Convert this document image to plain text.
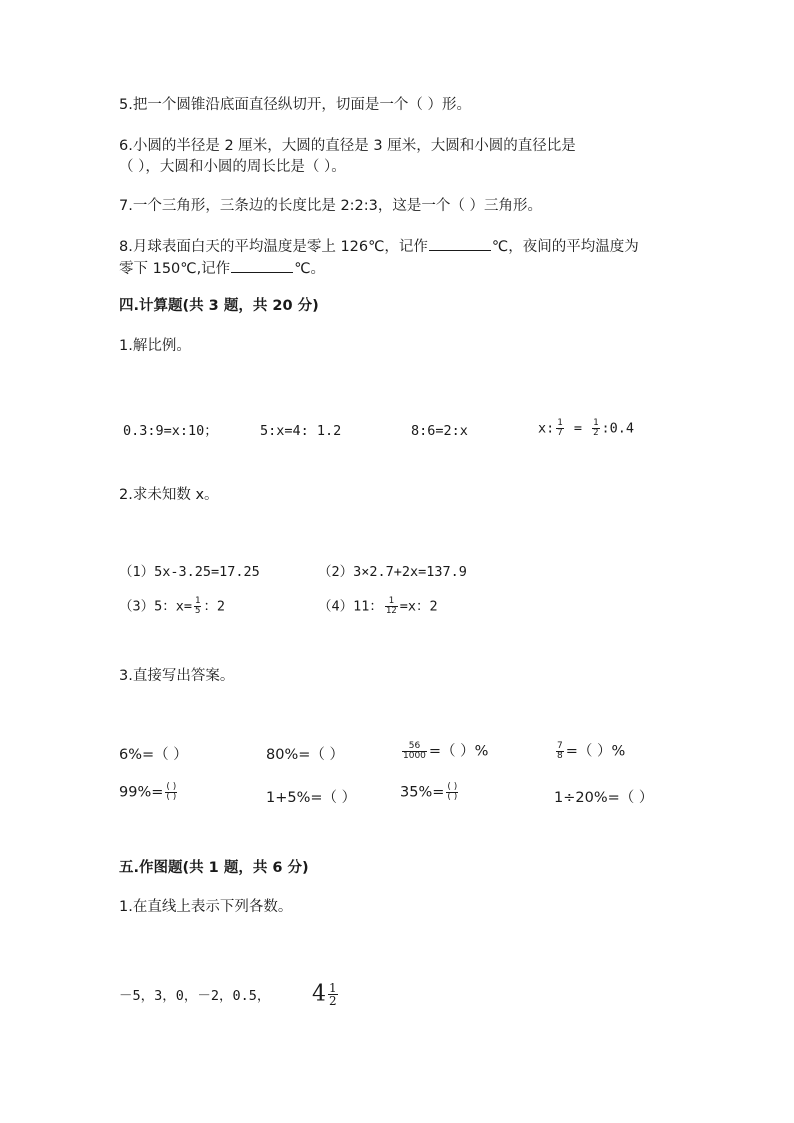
5.把一个圆锥沿底面直径纵切开，切面是一个（ ）形。
6.小圆的半径是 2 厘米，大圆的直径是 3 厘米，大圆和小圆的直径比是
（ ），大圆和小圆的周长比是（ ）。
7.一个三角形，三条边的长度比是 2:2:3，这是一个（ ）三角形。
8.月球表面白天的平均温度是零上 126℃，记作	℃，夜间的平均温度为
零下 150℃,记作	℃。
四.计算题(共 3 题，共 20 分)
1.解比例。
0.3:9=x:10；	5:x=4: 1.2	8:6=2:x	x: $\frac{1}{7} = \frac{1}{2}$ :0.4
2.求未知数 x。
（1）5x-3.25=17.25	（2）3×2.7+2x=137.9
（3）5：$x= \frac{1}{5}$ ：2	（4）11： $\frac{1}{12} =x$：2
3.直接写出答案。
6%=（ ）	80%=（ ）	$\frac{56}{1000}$ =（ ）%	$\frac{7}{8}$ =（ ）%
$99\%= \frac{( )}{( )}$	1+5%=（ ）	$35\%= \frac{( )}{( )}$	1÷20%=（ ）
五.作图题(共 1 题，共 6 分)
1.在直线上表示下列各数。
－5，3，0，－2，0.5， $4 \frac{1}{2}$
